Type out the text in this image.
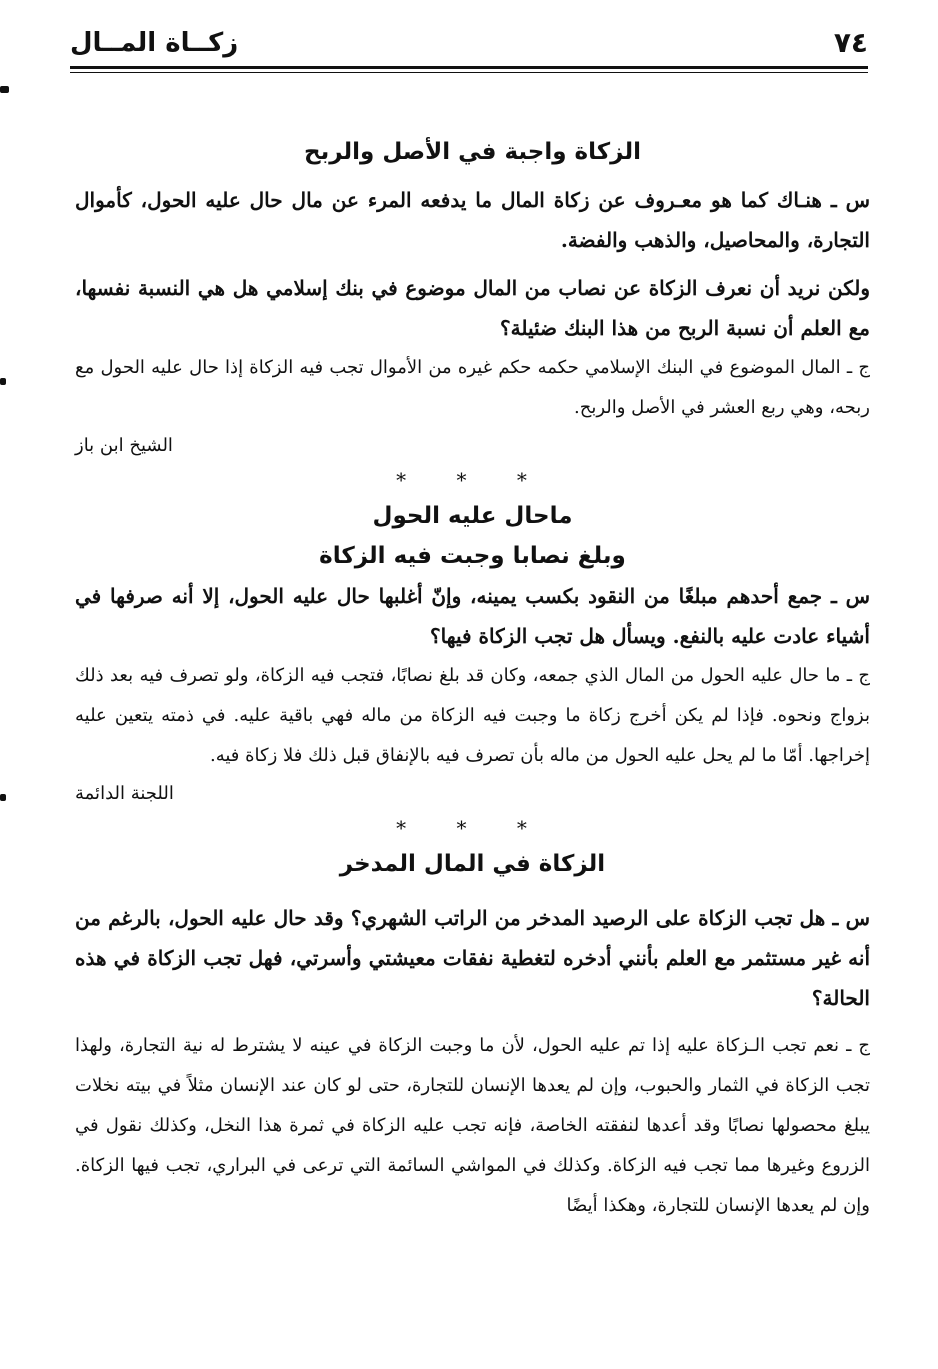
٧٤
زكــاة المــال
الزكاة واجبة في الأصل والربح

س ـ هنـاك كما هو معـروف عن زكاة المال ما يدفعه المرء عن مال حال عليه الحول، كأموال التجارة، والمحاصيل، والذهب والفضة.

ولكن نريد أن نعرف الزكاة عن نصاب من المال موضوع في بنك إسلامي هل هي النسبة نفسها، مع العلم أن نسبة الربح من هذا البنك ضئيلة؟

ج ـ المال الموضوع في البنك الإسلامي حكمه حكم غيره من الأموال تجب فيه الزكاة إذا حال عليه الحول مع ربحه، وهي ربع العشر في الأصل والربح.

الشيخ ابن باز

* * *

ماحال عليه الحول
وبلغ نصابا وجبت فيه الزكاة

س ـ جمع أحدهم مبلغًا من النقود بكسب يمينه، وإنّ أغلبها حال عليه الحول، إلا أنه صرفها في أشياء عادت عليه بالنفع. ويسأل هل تجب الزكاة فيها؟

ج ـ ما حال عليه الحول من المال الذي جمعه، وكان قد بلغ نصابًا، فتجب فيه الزكاة، ولو تصرف فيه بعد ذلك بزواج ونحوه. فإذا لم يكن أخرج زكاة ما وجبت فيه الزكاة من ماله فهي باقية عليه. في ذمته يتعين عليه إخراجها. أمّا ما لم يحل عليه الحول من ماله بأن تصرف فيه بالإنفاق قبل ذلك فلا زكاة فيه.

اللجنة الدائمة

* * *

الزكاة في المال المدخر

س ـ هل تجب الزكاة على الرصيد المدخر من الراتب الشهري؟ وقد حال عليه الحول، بالرغم من أنه غير مستثمر مع العلم بأنني أدخره لتغطية نفقات معيشتي وأسرتي، فهل تجب الزكاة في هذه الحالة؟

ج ـ نعم تجب الـزكاة عليه إذا تم عليه الحول، لأن ما وجبت الزكاة في عينه لا يشترط له نية التجارة، ولهذا تجب الزكاة في الثمار والحبوب، وإن لم يعدها الإنسان للتجارة، حتى لو كان عند الإنسان مثلاً في بيته نخلات يبلغ محصولها نصابًا وقد أعدها لنفقته الخاصة، فإنه تجب عليه الزكاة في ثمرة هذا النخل، وكذلك نقول في الزروع وغيرها مما تجب فيه الزكاة. وكذلك في المواشي السائمة التي ترعى في البراري، تجب فيها الزكاة. وإن لم يعدها الإنسان للتجارة، وهكذا أيضًا
